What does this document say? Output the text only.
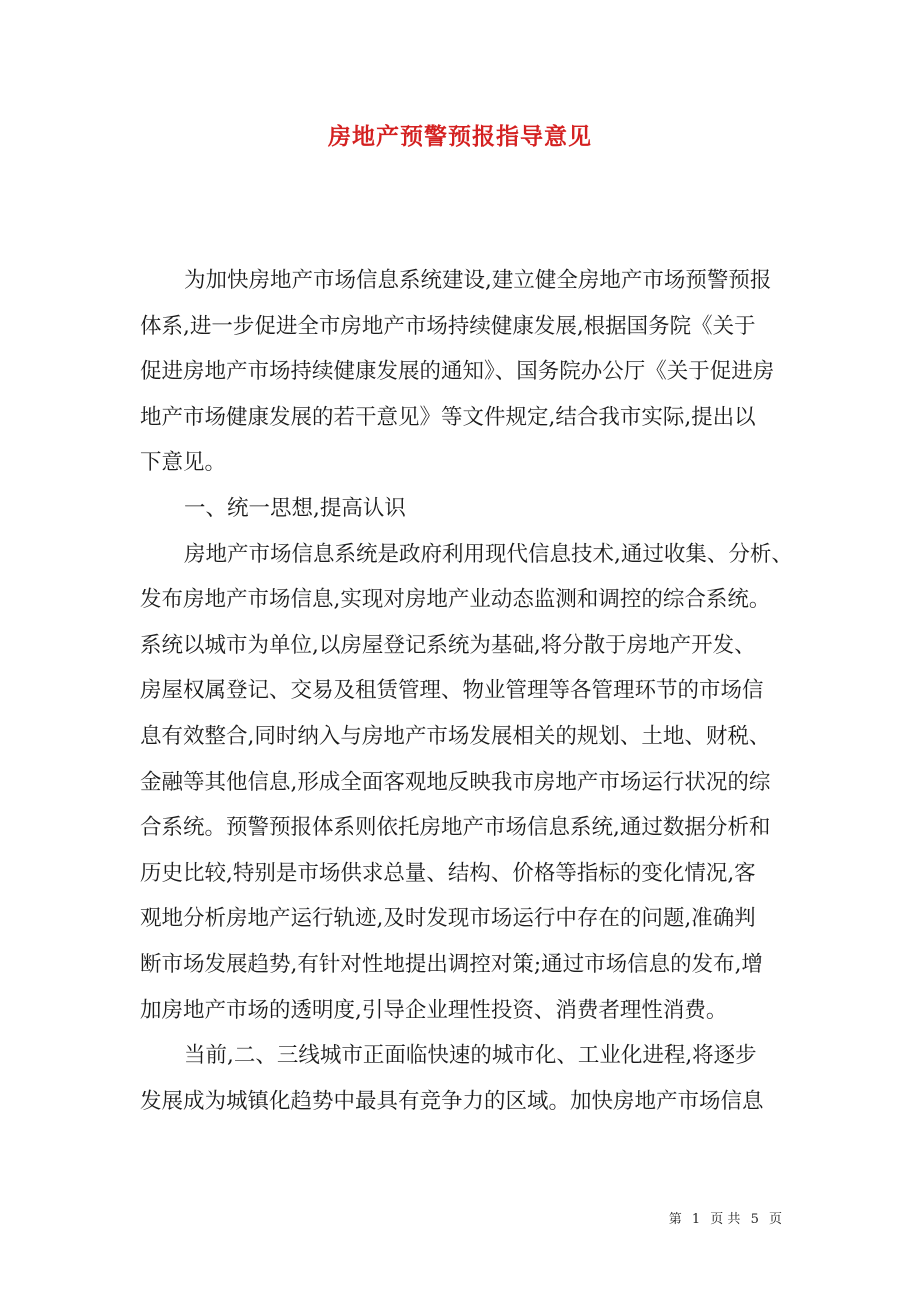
房地产预警预报指导意见
为加快房地产市场信息系统建设,建立健全房地产市场预警预报
体系,进一步促进全市房地产市场持续健康发展,根据国务院《关于
促进房地产市场持续健康发展的通知》、国务院办公厅《关于促进房
地产市场健康发展的若干意见》等文件规定,结合我市实际,提出以
下意见。
一、统一思想,提高认识
房地产市场信息系统是政府利用现代信息技术,通过收集、分析、
发布房地产市场信息,实现对房地产业动态监测和调控的综合系统。
系统以城市为单位,以房屋登记系统为基础,将分散于房地产开发、
房屋权属登记、交易及租赁管理、物业管理等各管理环节的市场信
息有效整合,同时纳入与房地产市场发展相关的规划、土地、财税、
金融等其他信息,形成全面客观地反映我市房地产市场运行状况的综
合系统。预警预报体系则依托房地产市场信息系统,通过数据分析和
历史比较,特别是市场供求总量、结构、价格等指标的变化情况,客
观地分析房地产运行轨迹,及时发现市场运行中存在的问题,准确判
断市场发展趋势,有针对性地提出调控对策;通过市场信息的发布,增
加房地产市场的透明度,引导企业理性投资、消费者理性消费。
当前,二、三线城市正面临快速的城市化、工业化进程,将逐步
发展成为城镇化趋势中最具有竞争力的区域。加快房地产市场信息
第 1 页 共 5 页
